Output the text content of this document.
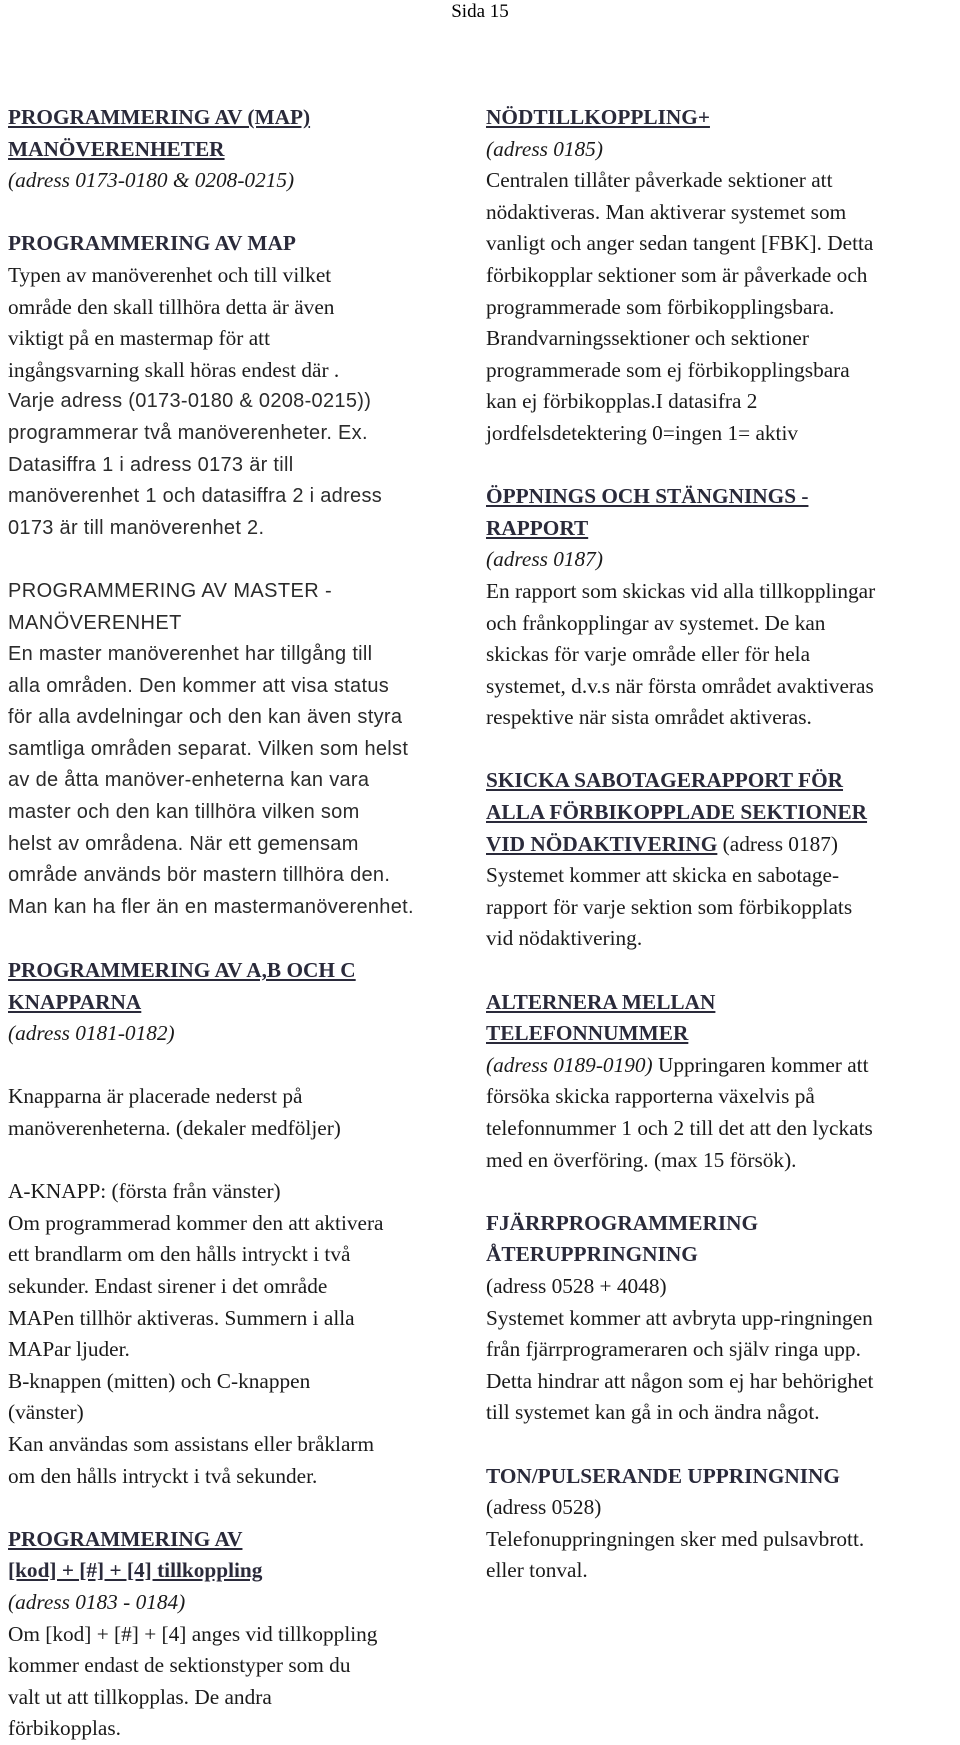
Sida 15
PROGRAMMERING AV (MAP)
MANÖVERENHETER
(adress 0173-0180 & 0208-0215)
PROGRAMMERING AV MAP
Typen av manöverenhet och till vilket
område den skall tillhöra detta är även
viktigt på en mastermap för att
ingångsvarning skall höras endest där .
Varje adress (0173-0180 & 0208-0215))
programmerar två manöverenheter. Ex.
Datasiffra 1 i adress 0173 är till
manöverenhet 1 och datasiffra 2 i adress
0173 är till manöverenhet 2.
PROGRAMMERING AV MASTER -
MANÖVERENHET
En master manöverenhet har tillgång till
alla områden. Den kommer att visa status
för alla avdelningar och den kan även styra
samtliga områden separat. Vilken som helst
av de åtta manöver-enheterna kan vara
master och den kan tillhöra vilken som
helst av områdena. När ett gemensam
område används bör mastern tillhöra den.
Man kan ha fler än en mastermanöverenhet.
PROGRAMMERING AV A,B OCH C
KNAPPARNA
(adress 0181-0182)
Knapparna är placerade nederst på
manöverenheterna. (dekaler medföljer)
A-KNAPP: (första från vänster)
Om programmerad kommer den att aktivera
ett brandlarm om den hålls intryckt i två
sekunder. Endast sirener i det område
MAPen tillhör aktiveras. Summern i alla
MAPar ljuder.
B-knappen (mitten) och C-knappen
(vänster)
Kan användas som assistans eller bråklarm
om den hålls intryckt i två sekunder.
PROGRAMMERING AV
[kod] + [#] + [4] tillkoppling
(adress 0183 - 0184)
Om [kod] + [#] + [4] anges vid tillkoppling
kommer endast de sektionstyper som du
valt ut att tillkopplas. De andra
förbikopplas.
NÖDTILLKOPPLING+
(adress 0185)
Centralen tillåter påverkade sektioner att
nödaktiveras. Man aktiverar systemet som
vanligt och anger sedan tangent [FBK]. Detta
förbikopplar sektioner som är påverkade och
programmerade som förbikopplingsbara.
Brandvarningssektioner och sektioner
programmerade som ej förbikopplingsbara
kan ej förbikopplas.I datasifra 2
jordfelsdetektering 0=ingen 1= aktiv
ÖPPNINGS OCH STÄNGNINGS -
RAPPORT
(adress 0187)
En rapport som skickas vid alla tillkopplingar
och frånkopplingar av systemet. De kan
skickas för varje område eller för hela
systemet, d.v.s när första området avaktiveras
respektive när sista området aktiveras.
SKICKA SABOTAGERAPPORT FÖR
ALLA FÖRBIKOPPLADE SEKTIONER
VID NÖDAKTIVERING (adress 0187)
Systemet kommer att skicka en sabotage-
rapport för varje sektion som förbikopplats
vid nödaktivering.
ALTERNERA MELLAN
TELEFONNUMMER
(adress 0189-0190) Uppringaren kommer att
försöka skicka rapporterna växelvis på
telefonnummer 1 och 2 till det att den lyckats
med en överföring. (max 15 försök).
FJÄRRPROGRAMMERING
ÅTERUPPRINGNING
(adress 0528 + 4048)
Systemet kommer att avbryta upp-ringningen
från fjärrprogrameraren och själv ringa upp.
Detta hindrar att någon som ej har behörighet
till systemet kan gå in och ändra något.
TON/PULSERANDE UPPRINGNING
(adress 0528)
Telefonuppringningen sker med pulsavbrott.
eller tonval.
